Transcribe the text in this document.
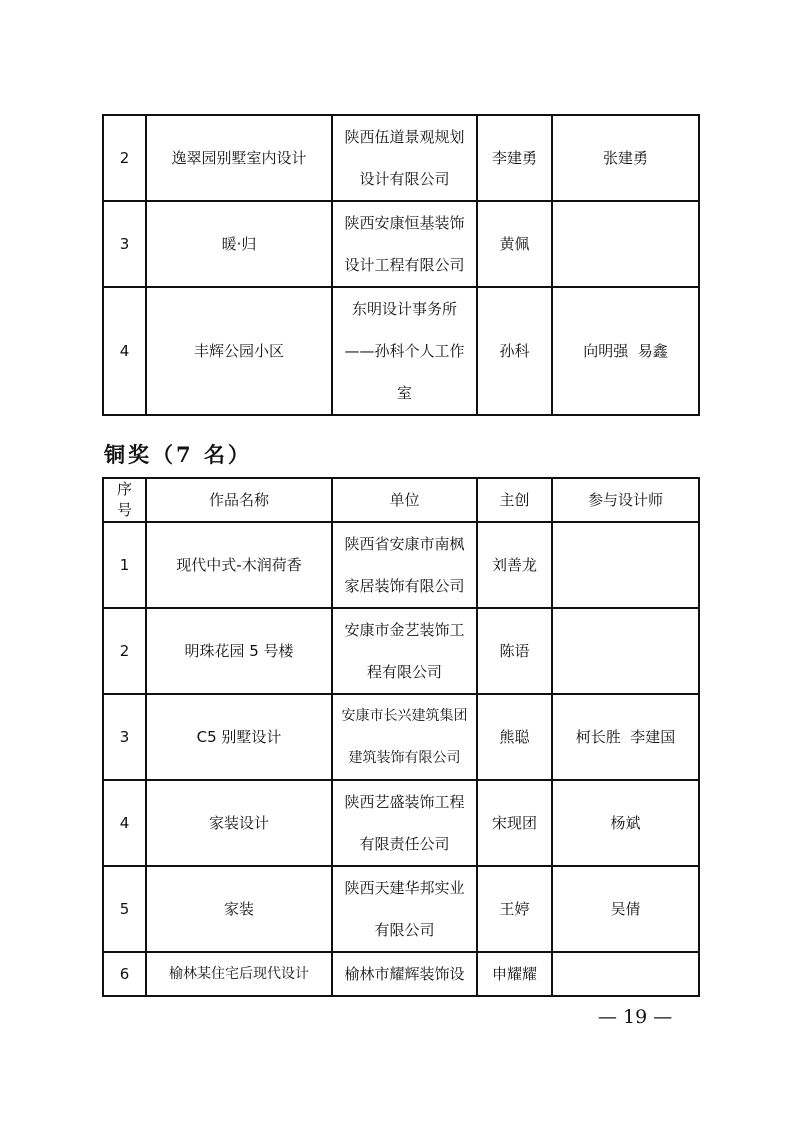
2	逸翠园别墅室内设计	陕西伍道景观规划
设计有限公司	李建勇	张建勇
3	暖·归	陕西安康恒基装饰
设计工程有限公司	黄佩	
4	丰辉公园小区	东明设计事务所
——孙科个人工作
室	孙科	向明强  易鑫
铜奖（7 名）
序
号	作品名称	单位	主创	参与设计师
1	现代中式-木润荷香	陕西省安康市南枫
家居装饰有限公司	刘善龙	
2	明珠花园 5 号楼	安康市金艺装饰工
程有限公司	陈语	
3	C5 别墅设计	安康市长兴建筑集团
建筑装饰有限公司	熊聪	柯长胜  李建国
4	家装设计	陕西艺盛装饰工程
有限责任公司	宋现团	杨斌
5	家装	陕西天建华邦实业
有限公司	王婷	吴倩
6	榆林某住宅后现代设计	榆林市耀辉装饰设	申耀耀	
— 19 —
